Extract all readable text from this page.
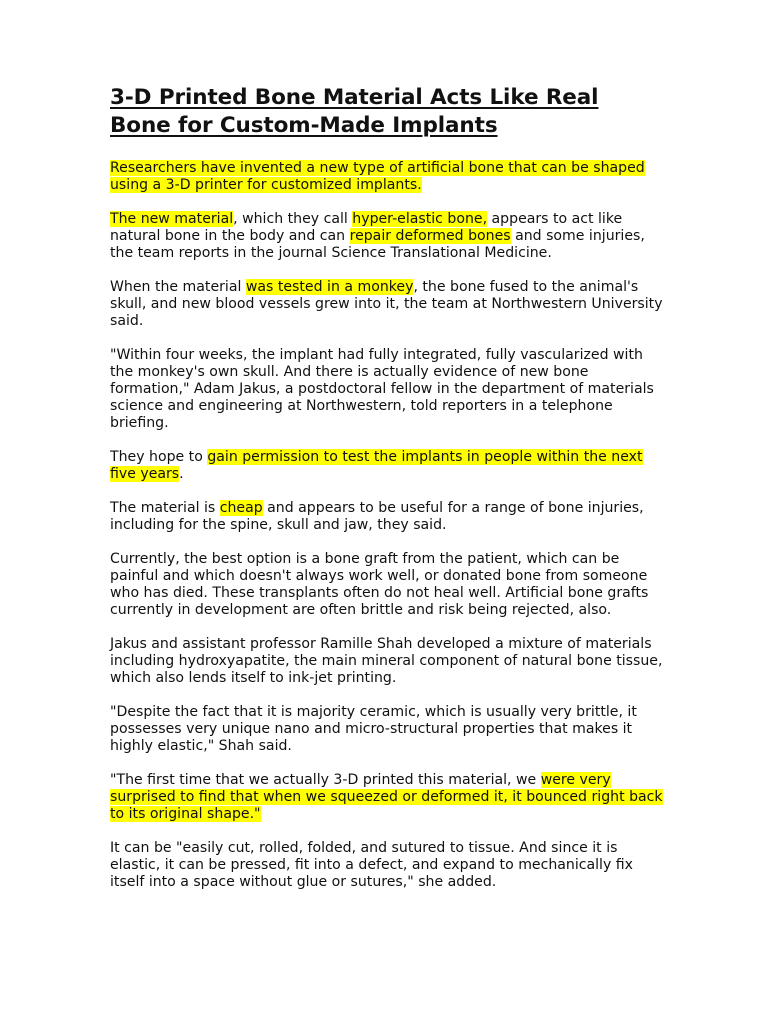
3-D Printed Bone Material Acts Like Real Bone for Custom-Made Implants

Researchers have invented a new type of artificial bone that can be shaped using a 3-D printer for customized implants.

The new material, which they call hyper-elastic bone, appears to act like natural bone in the body and can repair deformed bones and some injuries, the team reports in the journal Science Translational Medicine.

When the material was tested in a monkey, the bone fused to the animal's skull, and new blood vessels grew into it, the team at Northwestern University said.

"Within four weeks, the implant had fully integrated, fully vascularized with the monkey's own skull. And there is actually evidence of new bone formation," Adam Jakus, a postdoctoral fellow in the department of materials science and engineering at Northwestern, told reporters in a telephone briefing.

They hope to gain permission to test the implants in people within the next five years.

The material is cheap and appears to be useful for a range of bone injuries, including for the spine, skull and jaw, they said.

Currently, the best option is a bone graft from the patient, which can be painful and which doesn't always work well, or donated bone from someone who has died. These transplants often do not heal well. Artificial bone grafts currently in development are often brittle and risk being rejected, also.

Jakus and assistant professor Ramille Shah developed a mixture of materials including hydroxyapatite, the main mineral component of natural bone tissue, which also lends itself to ink-jet printing.

"Despite the fact that it is majority ceramic, which is usually very brittle, it possesses very unique nano and micro-structural properties that makes it highly elastic," Shah said.

"The first time that we actually 3-D printed this material, we were very surprised to find that when we squeezed or deformed it, it bounced right back to its original shape."

It can be "easily cut, rolled, folded, and sutured to tissue. And since it is elastic, it can be pressed, fit into a defect, and expand to mechanically fix itself into a space without glue or sutures," she added.
